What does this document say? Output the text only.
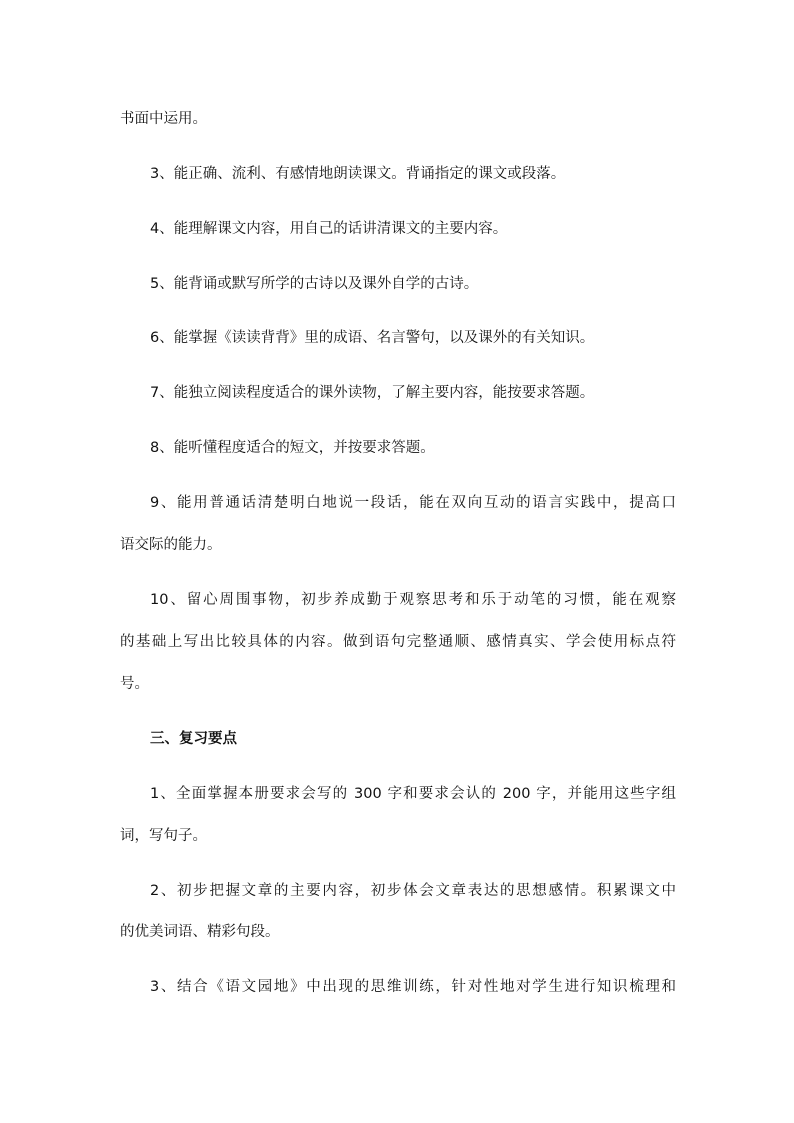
书面中运用。
3、能正确、流利、有感情地朗读课文。背诵指定的课文或段落。
4、能理解课文内容，用自己的话讲清课文的主要内容。
5、能背诵或默写所学的古诗以及课外自学的古诗。
6、能掌握《读读背背》里的成语、名言警句，以及课外的有关知识。
7、能独立阅读程度适合的课外读物，了解主要内容，能按要求答题。
8、能听懂程度适合的短文，并按要求答题。
9、能用普通话清楚明白地说一段话，能在双向互动的语言实践中，提高口
语交际的能力。
10、留心周围事物，初步养成勤于观察思考和乐于动笔的习惯，能在观察
的基础上写出比较具体的内容。做到语句完整通顺、感情真实、学会使用标点符
号。
三、复习要点
1、全面掌握本册要求会写的 300 字和要求会认的 200 字，并能用这些字组
词，写句子。
2、初步把握文章的主要内容，初步体会文章表达的思想感情。积累课文中
的优美词语、精彩句段。
3、结合《语文园地》中出现的思维训练，针对性地对学生进行知识梳理和
